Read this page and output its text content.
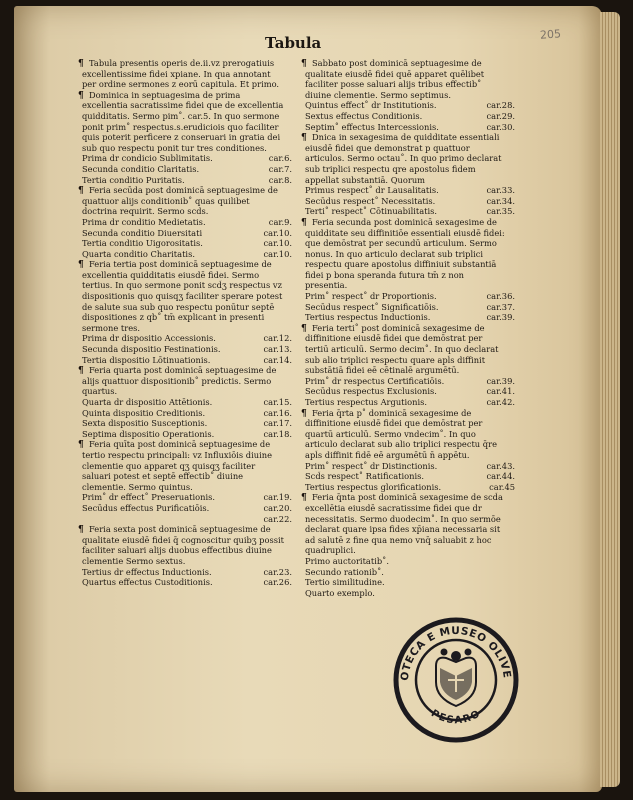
205
Tabula
¶ Tabula presentis operis de.ii.vz prerogatiuis
excellentissime fidei xpiane. In qua annotant
per ordine sermones z eorū capitula. Et primo.
¶ Dominica in septuagesima de prima
excellentia sacratissime fidei que de excellentia
quidditatis. Sermo pim˚. car.5. In quo sermone
ponit prim˚ respectus.s.erudiciois quo faciliter
quis poterit perficere z conseruari in gratia dei
sub quo respectu ponit tur tres conditiones.
Prima dr condicio Sublimitatis.	car.6.
Secunda conditio Claritatis.	car.7.
Tertia conditio Puritatis.	car.8.
¶ Feria secūda post dominicā septuagesime de
quattuor alijs conditionib˚ quas quilibet
doctrina requirit. Sermo scds.
Prima dr conditio Medietatis.	car.9.
Secunda conditio Diuersitati	car.10.
Tertia conditio Uigorositatis.	car.10.
Quarta conditio Charitatis.	car.10.
¶ Feria tertia post dominicā septuagesime de
excellentia quidditatis eiusdē fidei. Sermo
tertius. In quo sermone ponit scd̄ʒ respectus vz
dispositionis quo quisqʒ faciliter sperare potest
de salute sua sub quo respectu ponūtur septē
dispositiones z qb˚ tm̄ explicant in presenti
sermone tres.
Prima dr dispositio Accessionis.	car.12.
Secunda dispositio Festinationis.	car.13.
Tertia dispositio Lōtinuationis.	car.14.
¶ Feria quarta post dominicā septuagesime de
alijs quattuor dispositionib˚ predictis. Sermo
quartus.
Quarta dr dispositio Attētionis.	car.15.
Quinta dispositio Creditionis.	car.16.
Sexta dispositio Susceptionis.	car.17.
Septima dispositio Operationis.	car.18.
¶ Feria quīta post dominicā septuagesime de
tertio respectu principali: vz Influxiōis diuine
clementie quo apparet qʒ quisqʒ faciliter
saluari potest et septē effectib˚ diuine
clementie. Sermo quintus.
Prim˚ dr effect˚ Preseruationis.	car.19.
Secūdus effectus Purificatiōis.	car.20.
car.22.
¶ Feria sexta post dominicā septuagesime de
qualitate eiusdē fidei q̄ cognoscitur quibʒ possit
faciliter saluari alijs duobus effectibus diuine
clementie Sermo sextus.
Tertius dr effectus Inductionis.	car.23.
Quartus effectus Custoditionis.	car.26.
¶ Sabbato post dominicā septuagesime de
qualitate eiusdē fidei quē apparet quēlibet
faciliter posse saluari alijs tribus effectib˚
diuine clementie. Sermo septimus.
Quintus effect˚ dr Institutionis.	car.28.
Sextus effectus Conditionis.	car.29.
Septim˚ effectus Intercessionis.	car.30.
¶ Dnica in sexagesima de quidditate essentiali
eiusdē fidei que demonstrat p quattuor
articulos. Sermo octau˚. In quo primo declarat
sub triplici respectu qre apostolus fidem
appellat substantiā. Quorum
Primus respect˚ dr Lausalitatis.	car.33.
Secūdus respect˚ Necessitatis.	car.34.
Terti˚ respect˚ Cōtinuabilitatis.	car.35.
¶ Feria secunda post dominicā sexagesime de
quidditate seu diffinitiōe essentiali eiusdē fidei:
que demōstrat per secundū articulum. Sermo
nonus. In quo articulo declarat sub triplici
respectu quare apostolus diffiniuit substantiā
fidei p bona speranda futura tm̄ z non
presentia.
Prim˚ respect˚ dr Proportionis.	car.36.
Secūdus respect˚ Significatiōis.	car.37.
Tertius respectus Inductionis.	car.39.
¶ Feria terti˚ post dominicā sexagesime de
diffinitione eiusdē fidei que demōstrat per
tertiū articulū. Sermo decim˚. In quo declarat
sub alio triplici respectu quare apl̄s diffinit
substātiā fidei eē cētinalē argumētū.
Prim˚ dr respectus Certificatiōis.	car.39.
Secūdus respectus Exclusionis.	car.41.
Tertius respectus Argutionis.	car.42.
¶ Feria q̄rta p˚ dominicā sexagesime de
diffinitione eiusdē fidei que demōstrat per
quartū articulū. Sermo vndecim˚. In quo
articulo declarat sub alio triplici respectu q̄re
apl̄s diffinit fidē eē argumētū n̄ appētu.
Prim˚ respect˚ dr Distinctionis.	car.43.
Scd̄s respect˚ Ratificationis.	car.44.
Tertius respectus glorificationis.	car.45
¶ Feria q̄nta post dominicā sexagesime de scd̄a
excellētia eiusdē sacratissime fidei que dr
necessitatis. Sermo duodecim˚. In quo sermōe
declarat quare ipsa fides xp̄iana necessaria sit
ad salutē z fine qua nemo vnq̄ saluabit z hoc
quadruplici.
Primo auctoritatib˚.
Secundo rationib˚.
Tertio similitudine.
Quarto exemplo.
OTECA E MUSEO OLIVE
PESARO
